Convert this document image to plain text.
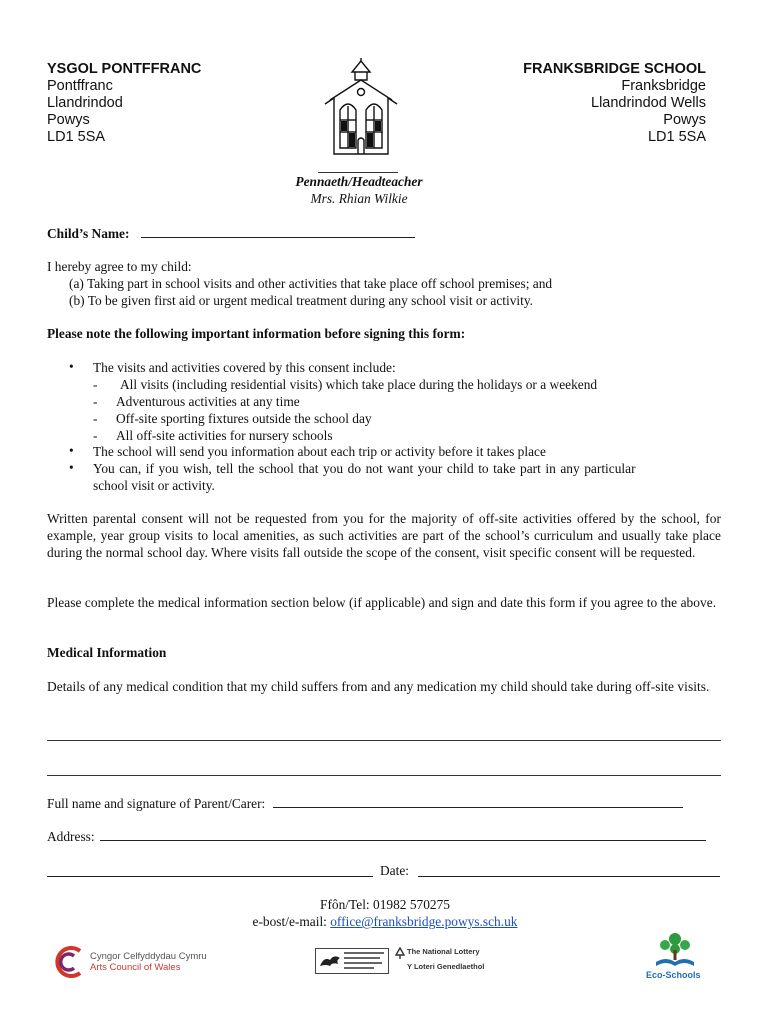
YSGOL PONTFFRANC
Pontffranc
Llandrindod
Powys
LD1 5SA
FRANKSBRIDGE SCHOOL
Franksbridge
Llandrindod Wells
Powys
LD1 5SA
Pennaeth/Headteacher
Mrs. Rhian Wilkie
Child’s Name:
I hereby agree to my child:
(a) Taking part in school visits and other activities that take place off school premises; and
(b) To be given first aid or urgent medical treatment during any school visit or activity.
Please note the following important information before signing this form:
• The visits and activities covered by this consent include:
- All visits (including residential visits) which take place during the holidays or a weekend
- Adventurous activities at any time
- Off-site sporting fixtures outside the school day
- All off-site activities for nursery schools
• The school will send you information about each trip or activity before it takes place
• You can, if you wish, tell the school that you do not want your child to take part in any particular
school visit or activity.
Written parental consent will not be requested from you for the majority of off-site activities offered by the school, for example, year group visits to local amenities, as such activities are part of the school’s curriculum and usually take place during the normal school day. Where visits fall outside the scope of the consent, visit specific consent will be requested.
Please complete the medical information section below (if applicable) and sign and date this form if you agree to the above.
Medical Information
Details of any medical condition that my child suffers from and any medication my child should take during off-site visits.
Full name and signature of Parent/Carer:
Address:
Date:
Ffôn/Tel: 01982 570275
e-bost/e-mail: office@franksbridge.powys.sch.uk
Cyngor Celfyddydau Cymru
Arts Council of Wales
The National Lottery
Y Loteri Genedlaethol
Eco-Schools
